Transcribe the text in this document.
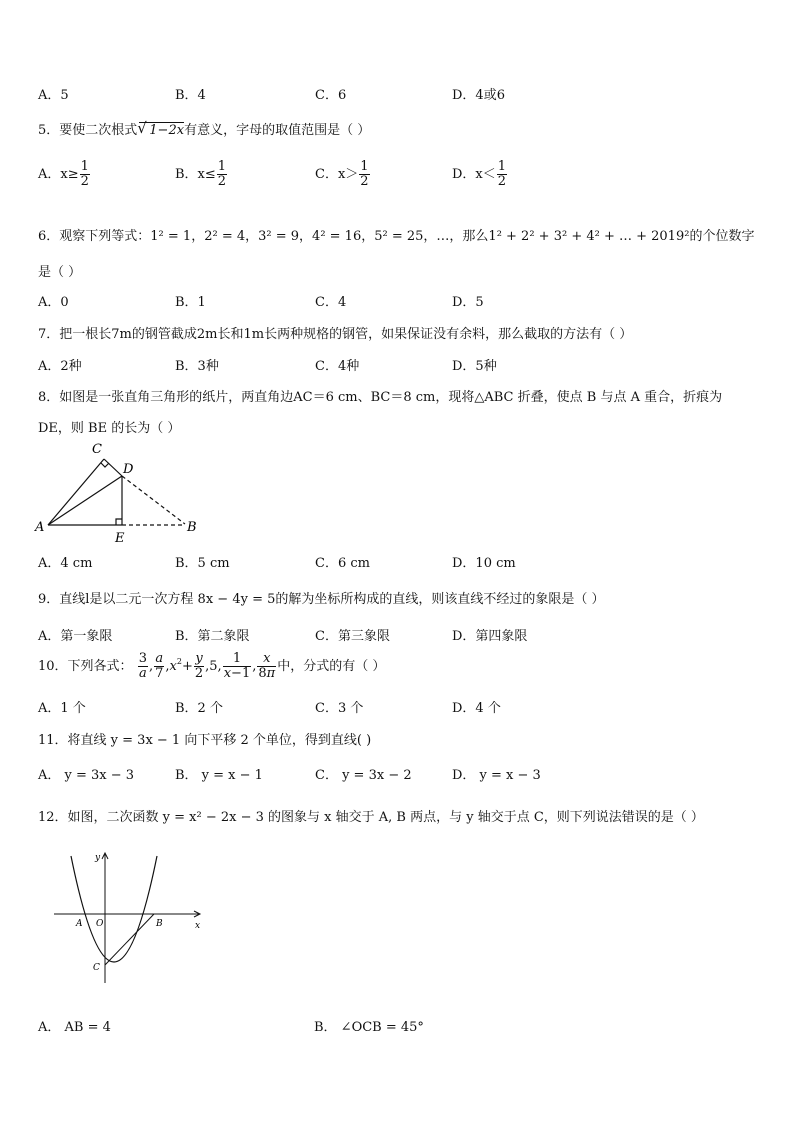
A．5	B．4	C．6	D．4或6
5．要使二次根式√ 1−2x有意义，字母的取值范围是（ ）
A．$x\ge \frac{1}{2}$	B．$x\le \frac{1}{2}$	C．$x> \frac{1}{2}$	D．$x< \frac{1}{2}$
6．观察下列等式：1² = 1，2² = 4，3² = 9，4² = 16，5² = 25，…，那么1² + 2² + 3² + 4² + … + 2019²的个位数字
是（ ）
A．0	B．1	C．4	D．5
7．把一根长7m的钢管截成2m长和1m长两种规格的钢管，如果保证没有余料，那么截取的方法有（ ）
A．2种	B．3种	C．4种	D．5种
8．如图是一张直角三角形的纸片，两直角边AC＝6 cm、BC＝8 cm，现将△ABC 折叠，使点 B 与点 A 重合，折痕为
DE，则 BE 的长为（ ）
A
C
D
E
B
A．4 cm	B．5 cm	C．6 cm	D．10 cm
9．直线l是以二元一次方程 8x − 4y = 5的解为坐标所构成的直线，则该直线不经过的象限是（ ）
A．第一象限	B．第二象限	C．第三象限	D．第四象限
10．下列各式： $\frac{3}{a}$ , $\frac{a}{7} ,x^2+ \frac{y}{2} ,5$, $\frac{1}{x-1}$ , $\frac{x}{8\pi}$ 中，分式的有（ ）
A．1 个	B．2 个	C．3 个	D．4 个
11．将直线 y = 3x − 1 向下平移 2 个单位，得到直线( )
A． y = 3x − 3	B． y = x − 1	C． y = 3x − 2	D． y = x − 3
12．如图，二次函数 y = x² − 2x − 3 的图象与 x 轴交于 A, B 两点，与 y 轴交于点 C，则下列说法错误的是（ ）
y
x
O
A	B
C
A． AB = 4	B． ∠OCB = 45°
